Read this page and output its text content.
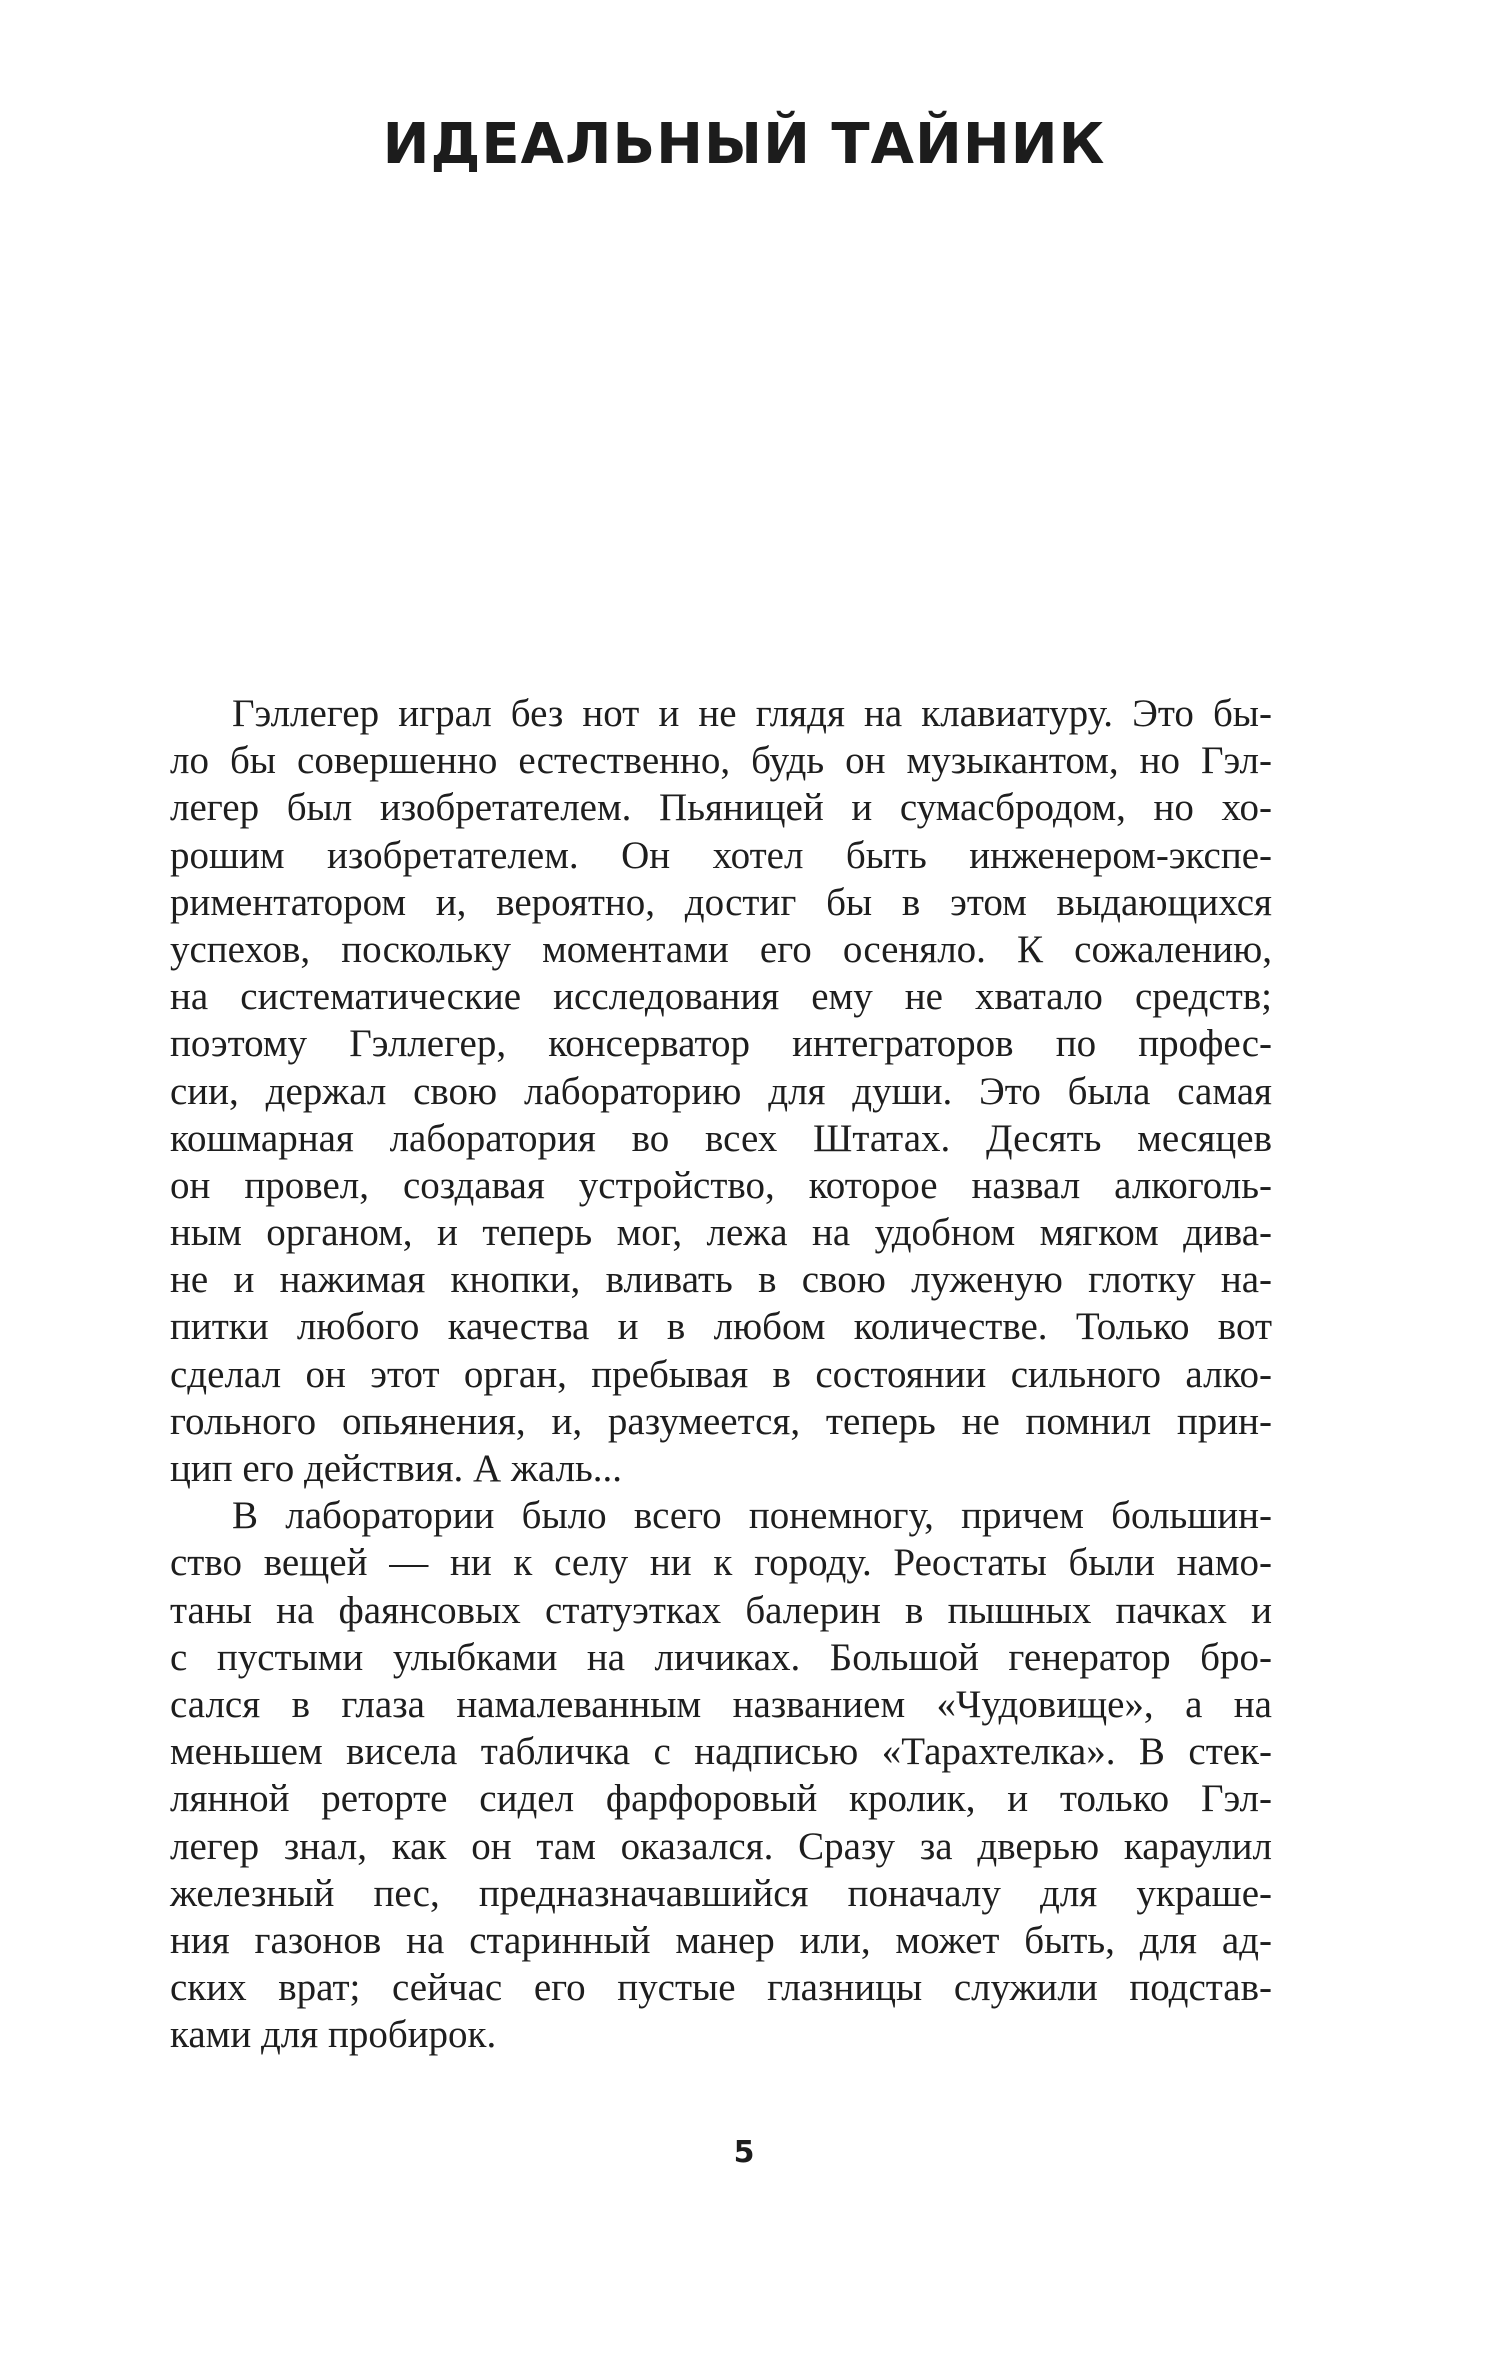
ИДЕАЛЬНЫЙ ТАЙНИК
Гэллегер играл без нот и не глядя на клавиатуру. Это бы-
ло бы совершенно естественно, будь он музыкантом, но Гэл-
легер был изобретателем. Пьяницей и сумасбродом, но хо-
рошим изобретателем. Он хотел быть инженером-экспе-
риментатором и, вероятно, достиг бы в этом выдающихся
успехов, поскольку моментами его осеняло. К сожалению,
на систематические исследования ему не хватало средств;
поэтому Гэллегер, консерватор интеграторов по профес-
сии, держал свою лабораторию для души. Это была самая
кошмарная лаборатория во всех Штатах. Десять месяцев
он провел, создавая устройство, которое назвал алкоголь-
ным органом, и теперь мог, лежа на удобном мягком дива-
не и нажимая кнопки, вливать в свою луженую глотку на-
питки любого качества и в любом количестве. Только вот
сделал он этот орган, пребывая в состоянии сильного алко-
гольного опьянения, и, разумеется, теперь не помнил прин-
цип его действия. А жаль...
В лаборатории было всего понемногу, причем большин-
ство вещей — ни к селу ни к городу. Реостаты были намо-
таны на фаянсовых статуэтках балерин в пышных пачках и
с пустыми улыбками на личиках. Большой генератор бро-
сался в глаза намалеванным названием «Чудовище», а на
меньшем висела табличка с надписью «Тарахтелка». В стек-
лянной реторте сидел фарфоровый кролик, и только Гэл-
легер знал, как он там оказался. Сразу за дверью караулил
железный пес, предназначавшийся поначалу для украше-
ния газонов на старинный манер или, может быть, для ад-
ских врат; сейчас его пустые глазницы служили подстав-
ками для пробирок.
5
